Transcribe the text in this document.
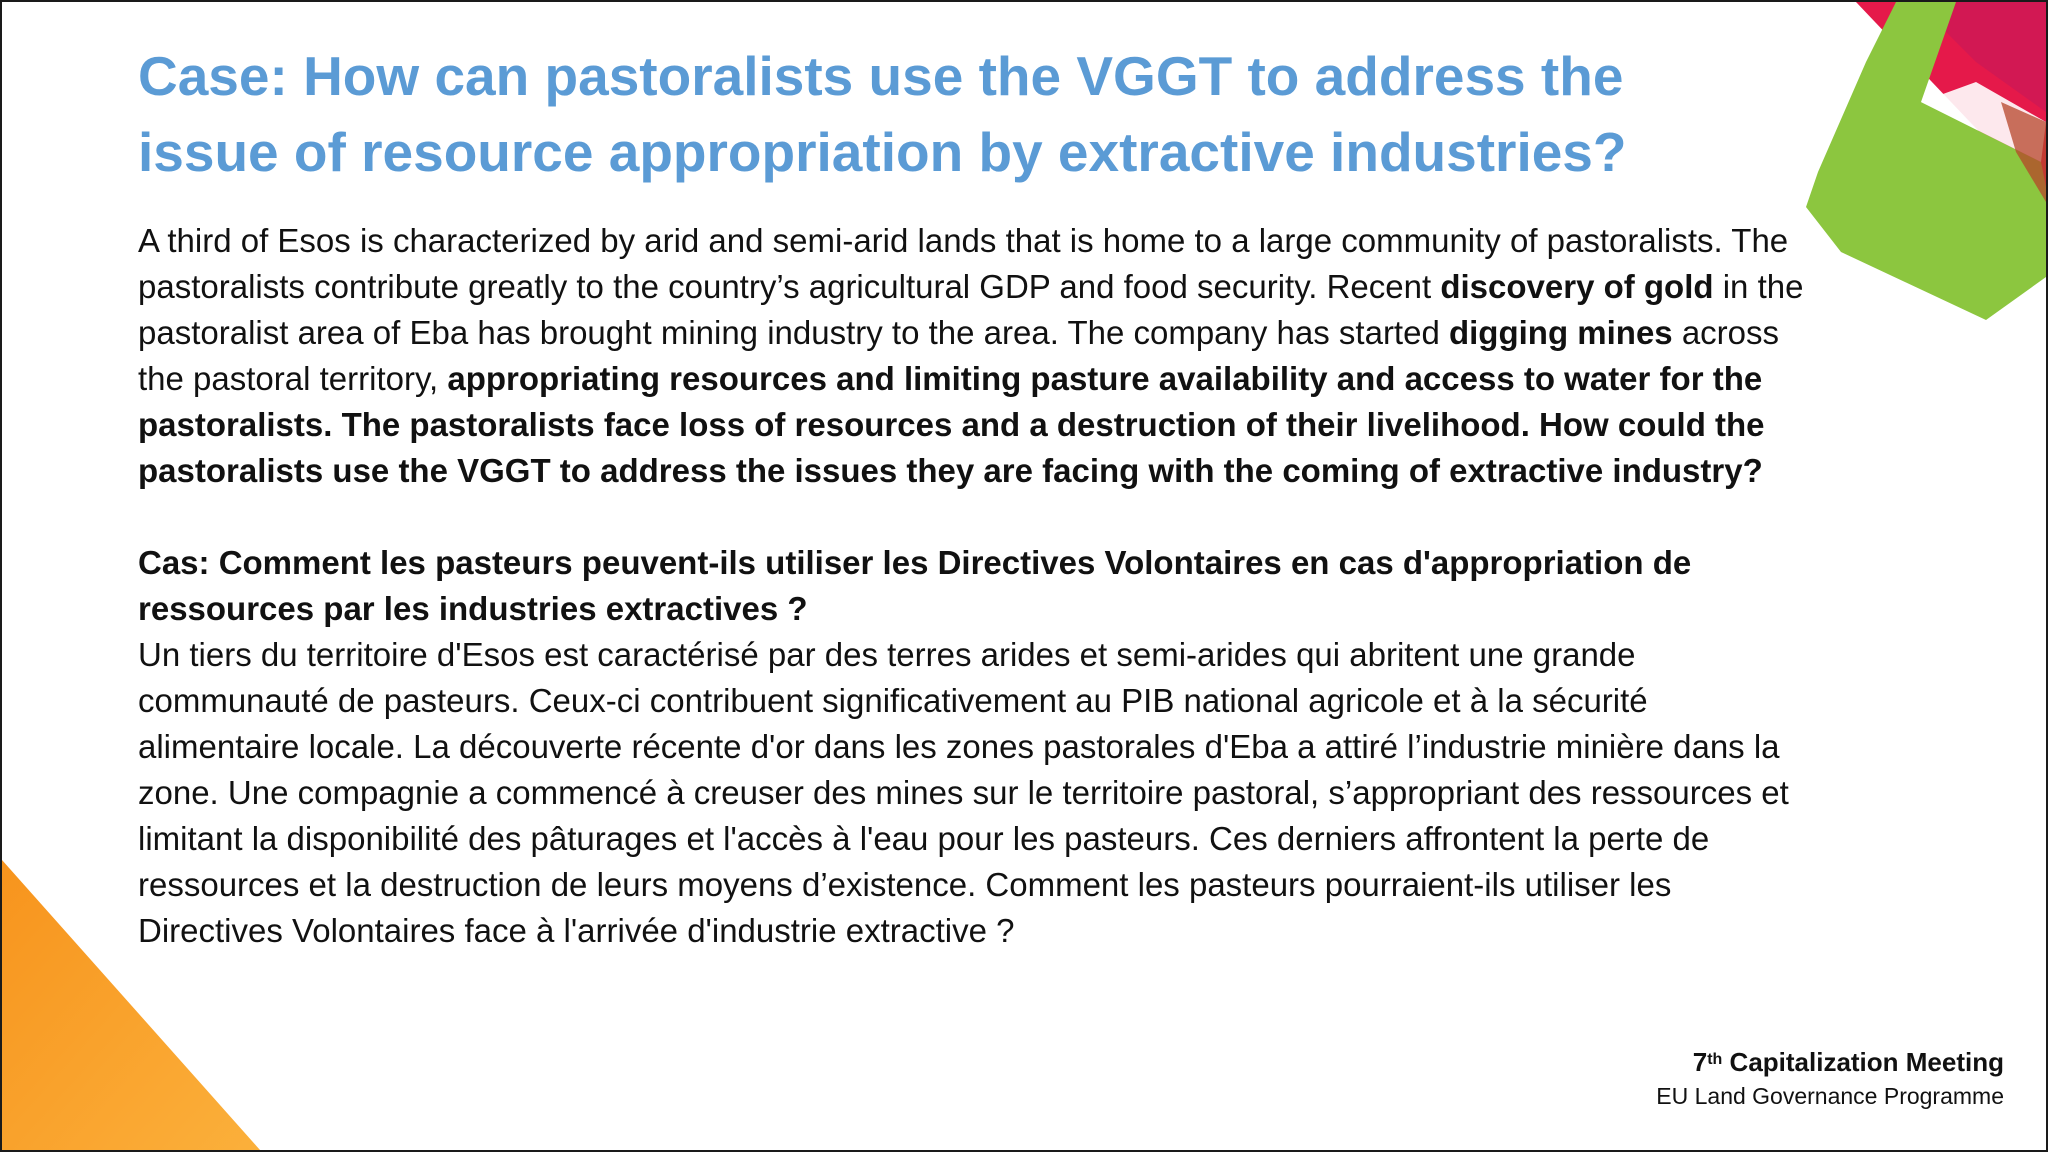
Case: How can pastoralists use the VGGT to address the issue of resource appropriation by extractive industries?

A third of Esos is characterized by arid and semi-arid lands that is home to a large community of pastoralists. The pastoralists contribute greatly to the country’s agricultural GDP and food security. Recent discovery of gold in the pastoralist area of Eba has brought mining industry to the area. The company has started digging mines across the pastoral territory, appropriating resources and limiting pasture availability and access to water for the pastoralists. The pastoralists face loss of resources and a destruction of their livelihood. How could the pastoralists use the VGGT to address the issues they are facing with the coming of extractive industry?

Cas: Comment les pasteurs peuvent-ils utiliser les Directives Volontaires en cas d'appropriation de ressources par les industries extractives ?

Un tiers du territoire d'Esos est caractérisé par des terres arides et semi-arides qui abritent une grande communauté de pasteurs. Ceux-ci contribuent significativement au PIB national agricole et à la sécurité alimentaire locale. La découverte récente d'or dans les zones pastorales d'Eba a attiré l’industrie minière dans la zone. Une compagnie a commencé à creuser des mines sur le territoire pastoral, s’appropriant des ressources et limitant la disponibilité des pâturages et l'accès à l'eau pour les pasteurs. Ces derniers affrontent la perte de ressources et la destruction de leurs moyens d’existence. Comment les pasteurs pourraient-ils utiliser les Directives Volontaires face à l'arrivée d'industrie extractive ?

7th Capitalization Meeting
EU Land Governance Programme
